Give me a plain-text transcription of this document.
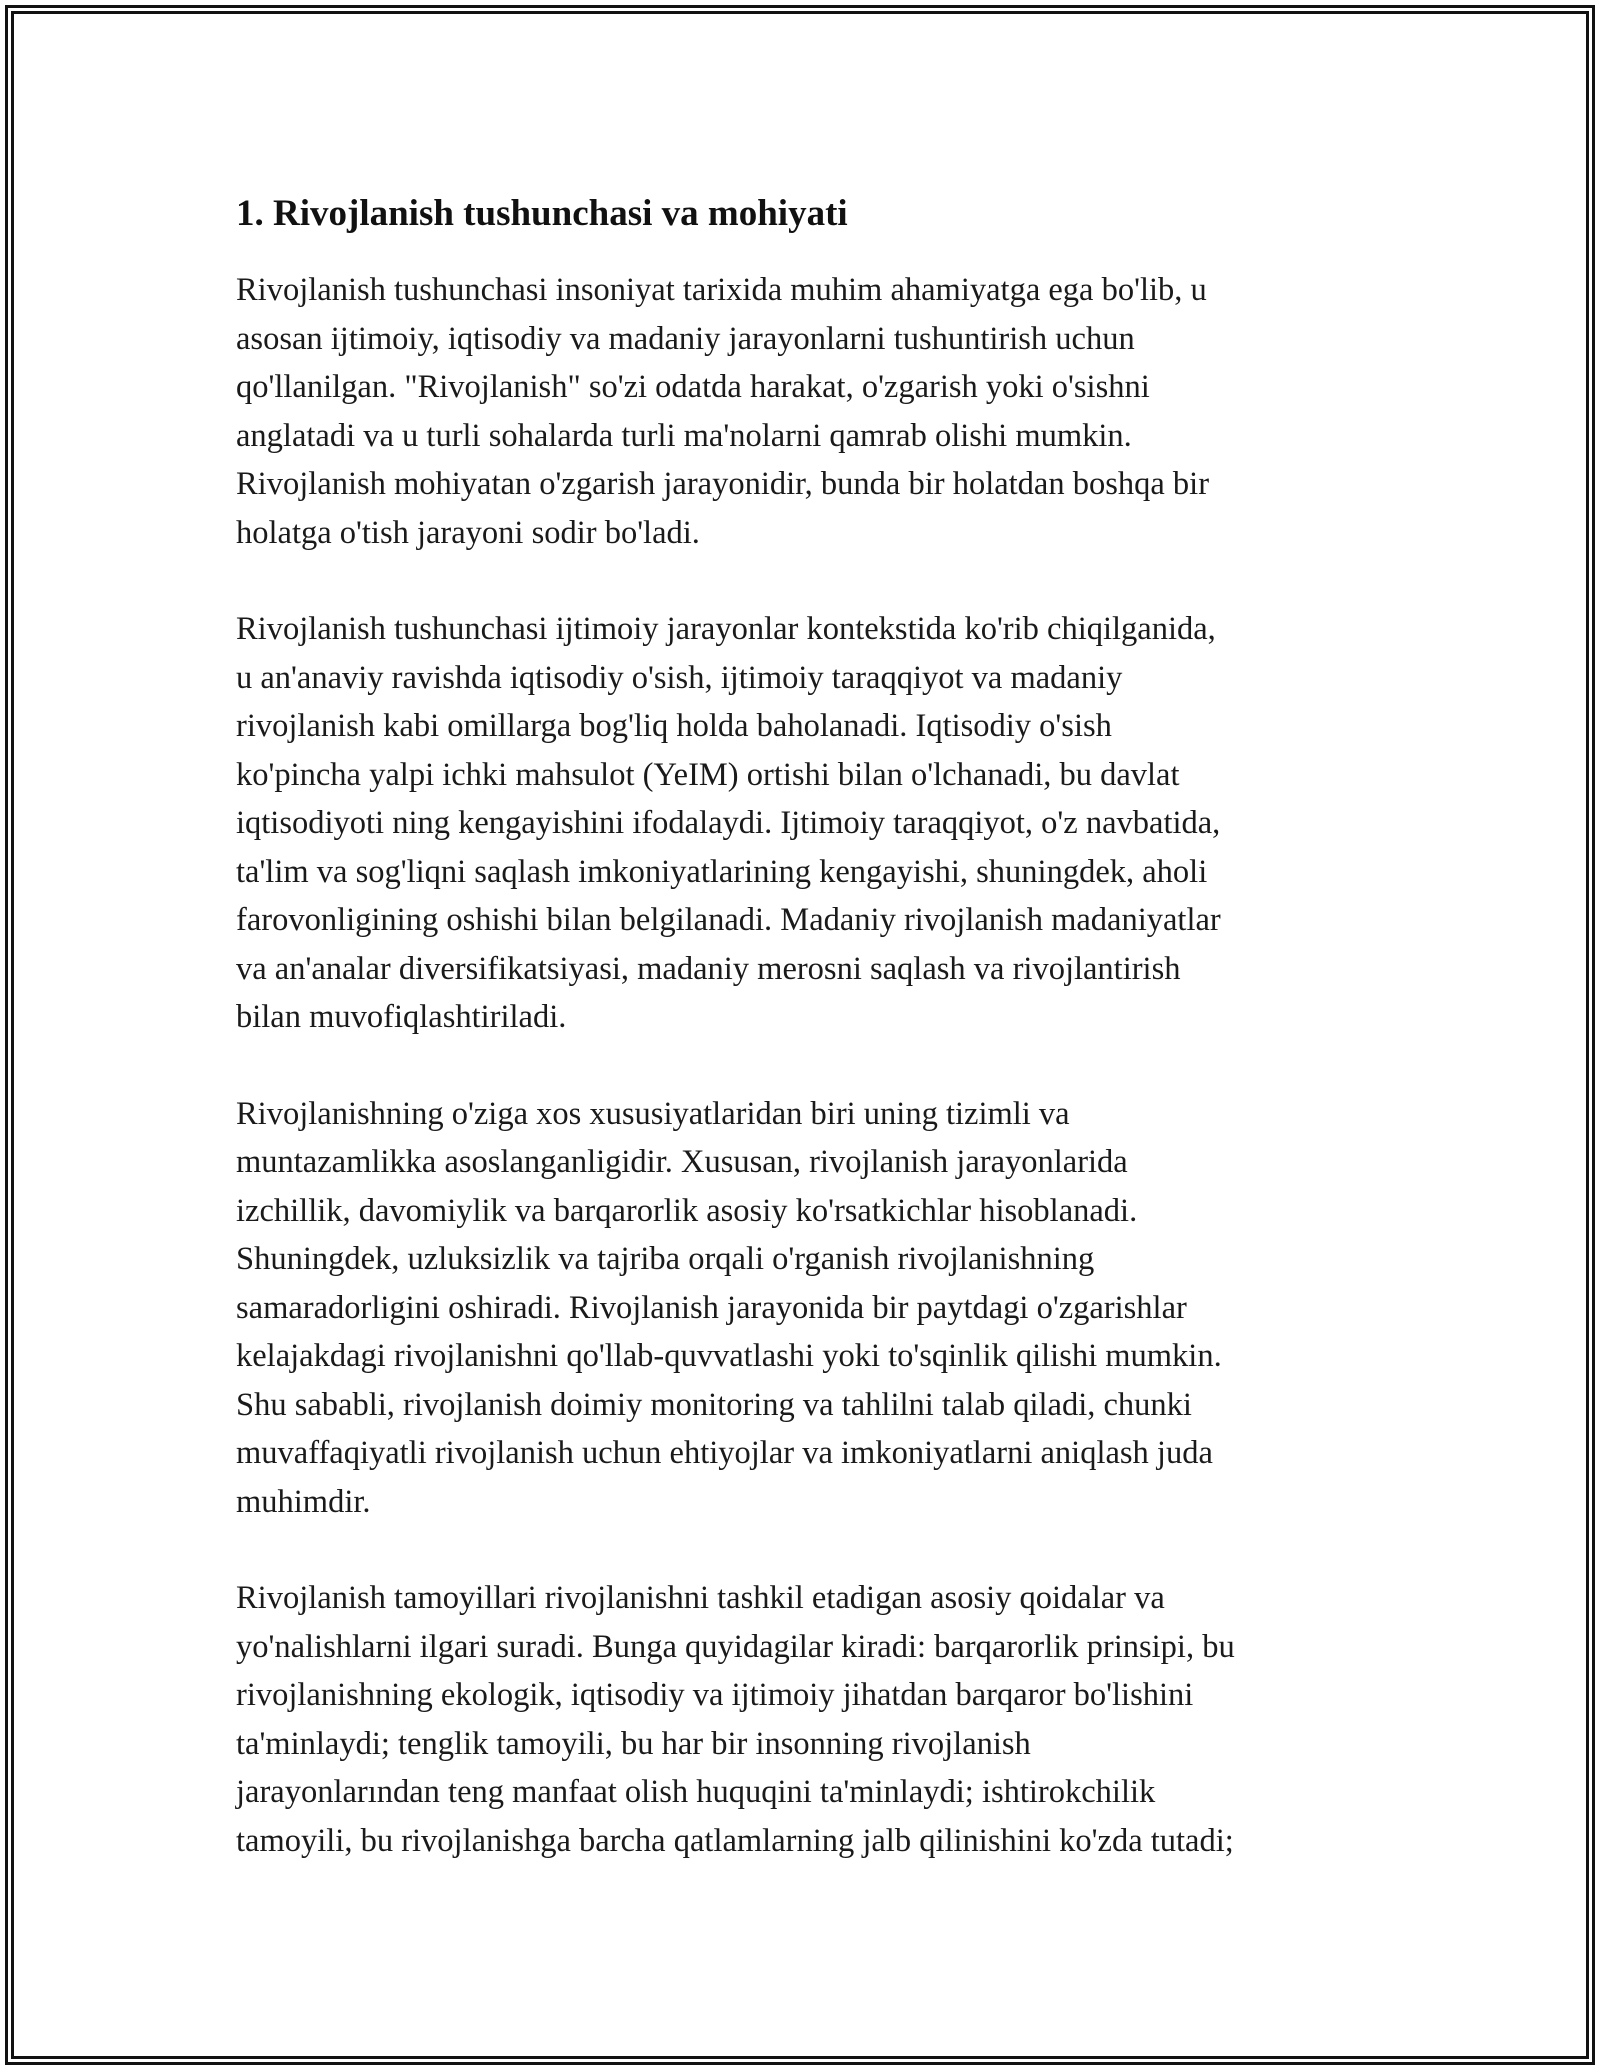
1. Rivojlanish tushunchasi va mohiyati

Rivojlanish tushunchasi insoniyat tarixida muhim ahamiyatga ega bo'lib, u
asosan ijtimoiy, iqtisodiy va madaniy jarayonlarni tushuntirish uchun
qo'llanilgan. "Rivojlanish" so'zi odatda harakat, o'zgarish yoki o'sishni
anglatadi va u turli sohalarda turli ma'nolarni qamrab olishi mumkin.
Rivojlanish mohiyatan o'zgarish jarayonidir, bunda bir holatdan boshqa bir
holatga o'tish jarayoni sodir bo'ladi.

Rivojlanish tushunchasi ijtimoiy jarayonlar kontekstida ko'rib chiqilganida,
u an'anaviy ravishda iqtisodiy o'sish, ijtimoiy taraqqiyot va madaniy
rivojlanish kabi omillarga bog'liq holda baholanadi. Iqtisodiy o'sish
ko'pincha yalpi ichki mahsulot (YeIM) ortishi bilan o'lchanadi, bu davlat
iqtisodiyoti ning kengayishini ifodalaydi. Ijtimoiy taraqqiyot, o'z navbatida,
ta'lim va sog'liqni saqlash imkoniyatlarining kengayishi, shuningdek, aholi
farovonligining oshishi bilan belgilanadi. Madaniy rivojlanish madaniyatlar
va an'analar diversifikatsiyasi, madaniy merosni saqlash va rivojlantirish
bilan muvofiqlashtiriladi.

Rivojlanishning o'ziga xos xususiyatlaridan biri uning tizimli va
muntazamlikka asoslanganligidir. Xususan, rivojlanish jarayonlarida
izchillik, davomiylik va barqarorlik asosiy ko'rsatkichlar hisoblanadi.
Shuningdek, uzluksizlik va tajriba orqali o'rganish rivojlanishning
samaradorligini oshiradi. Rivojlanish jarayonida bir paytdagi o'zgarishlar
kelajakdagi rivojlanishni qo'llab-quvvatlashi yoki to'sqinlik qilishi mumkin.
Shu sababli, rivojlanish doimiy monitoring va tahlilni talab qiladi, chunki
muvaffaqiyatli rivojlanish uchun ehtiyojlar va imkoniyatlarni aniqlash juda
muhimdir.

Rivojlanish tamoyillari rivojlanishni tashkil etadigan asosiy qoidalar va
yo'nalishlarni ilgari suradi. Bunga quyidagilar kiradi: barqarorlik prinsipi, bu
rivojlanishning ekologik, iqtisodiy va ijtimoiy jihatdan barqaror bo'lishini
ta'minlaydi; tenglik tamoyili, bu har bir insonning rivojlanish
jarayonlarından teng manfaat olish huquqini ta'minlaydi; ishtirokchilik
tamoyili, bu rivojlanishga barcha qatlamlarning jalb qilinishini ko'zda tutadi;
